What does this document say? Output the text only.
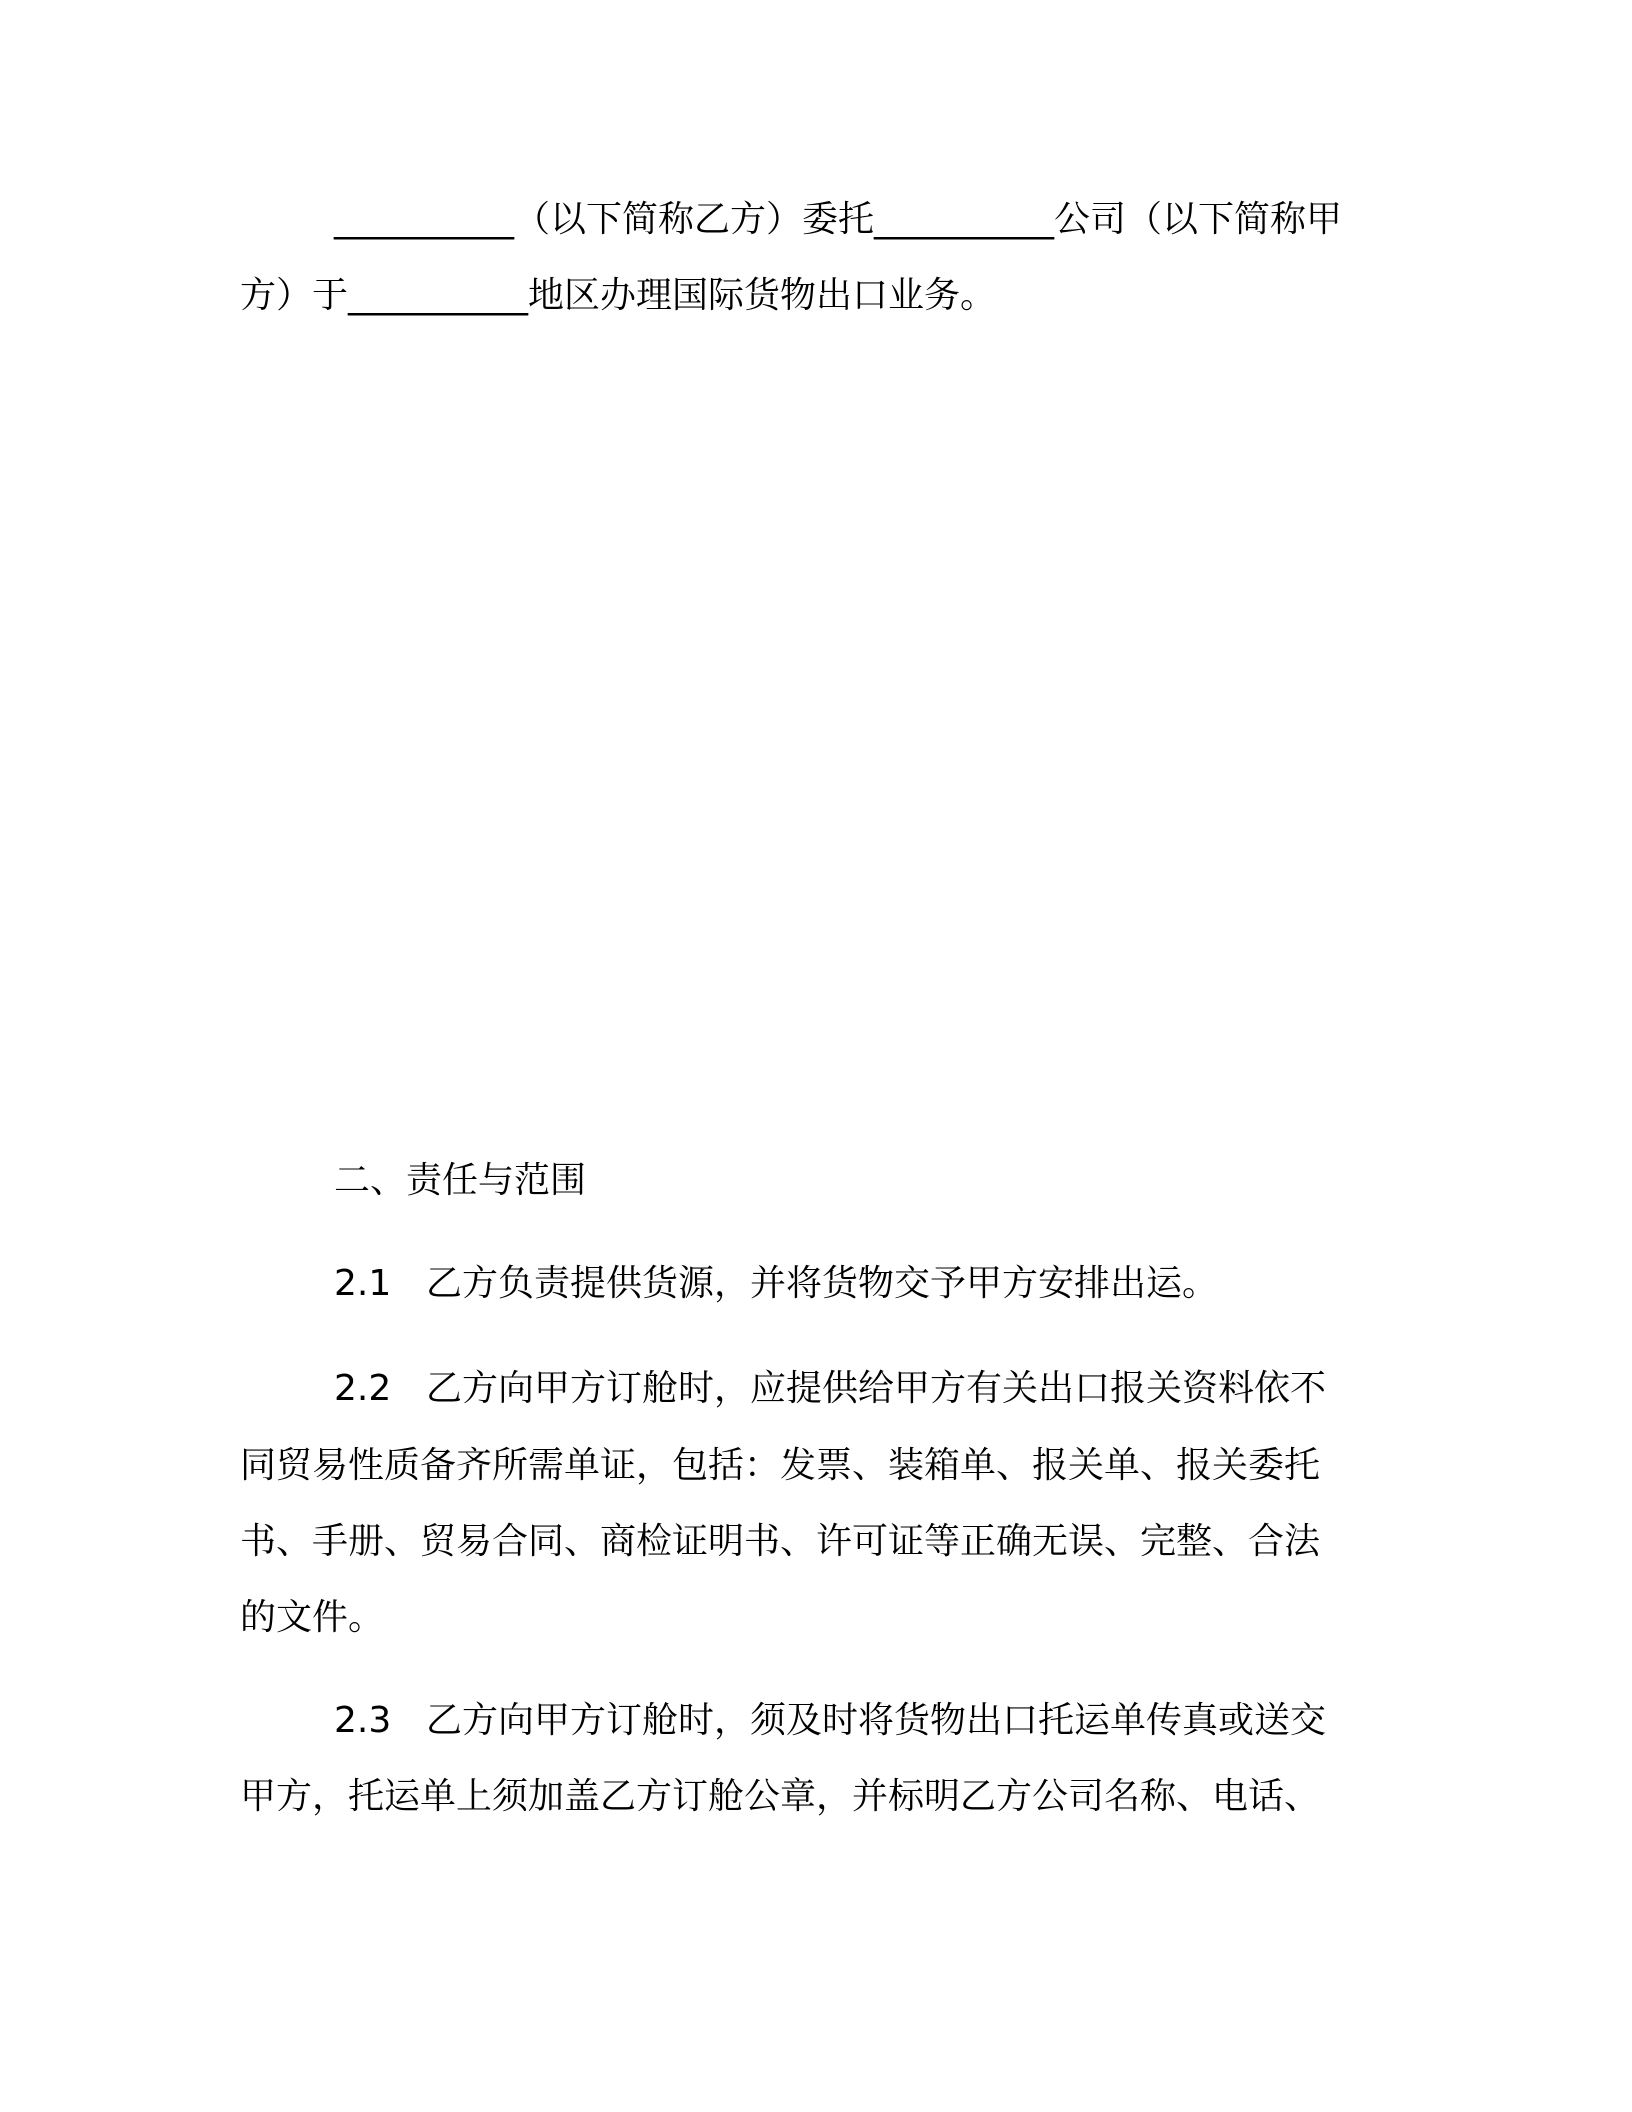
__________（以下简称乙方）委托__________公司（以下简称甲
方）于__________地区办理国际货物出口业务。
二、责任与范围
2.1 乙方负责提供货源，并将货物交予甲方安排出运。
2.2 乙方向甲方订舱时，应提供给甲方有关出口报关资料依不
同贸易性质备齐所需单证，包括：发票、装箱单、报关单、报关委托
书、手册、贸易合同、商检证明书、许可证等正确无误、完整、合法
的文件。
2.3 乙方向甲方订舱时，须及时将货物出口托运单传真或送交
甲方，托运单上须加盖乙方订舱公章，并标明乙方公司名称、电话、
